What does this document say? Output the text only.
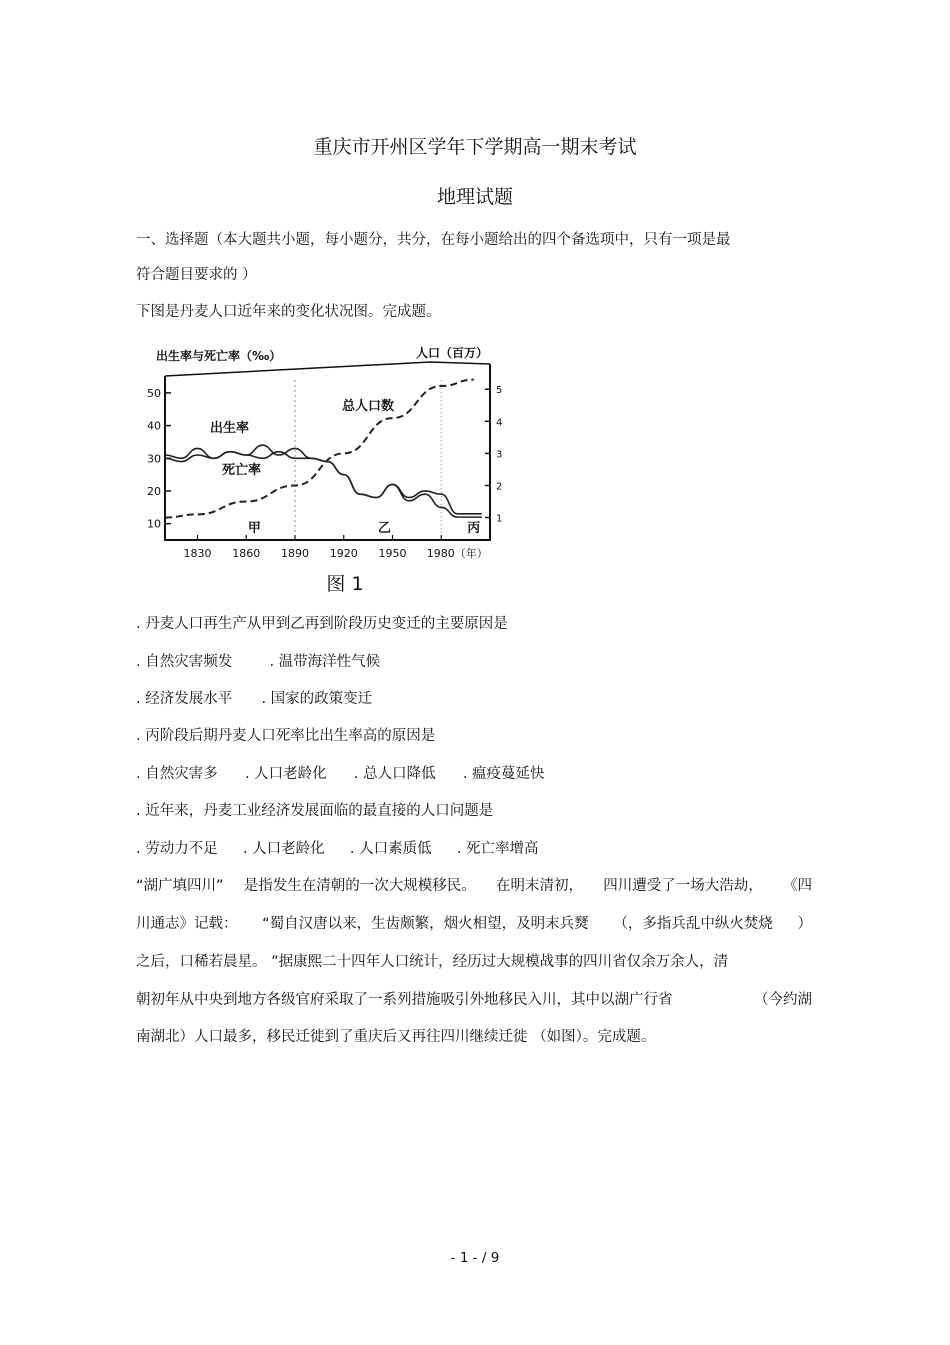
重庆市开州区学年下学期高一期末考试
地理试题
一、选择题（本大题共小题，每小题分，共分，在每小题给出的四个备选项中，只有一项是最
符合题目要求的 ）
下图是丹麦人口近年来的变化状况图。完成题。
10
20
30
40
50
1
2
3
4
5
1830 1860 1890 1920 1950 1980（年）
出生率
死亡率
总人口数
出生率与死亡率（‰）	人口（百万）
甲	乙	丙
图 1
. 丹麦人口再生产从甲到乙再到阶段历史变迁的主要原因是
. 自然灾害频发	. 温带海洋性气候
. 经济发展水平 . 国家的政策变迁
. 丙阶段后期丹麦人口死率比出生率高的原因是
. 自然灾害多 . 人口老龄化 . 总人口降低 . 瘟疫蔓延快
. 近年来，丹麦工业经济发展面临的最直接的人口问题是
. 劳动力不足 . 人口老龄化 . 人口素质低 . 死亡率增高
“湖广填四川” 是指发生在清朝的一次大规模移民。 在明末清初， 四川遭受了一场大浩劫， 《四
川通志》记载： “蜀自汉唐以来，生齿颇繁，烟火相望，及明末兵燹 （，多指兵乱中纵火焚烧 ）
之后，口稀若晨星。 ”据康熙二十四年人口统计，经历过大规模战事的四川省仅余万余人，清
朝初年从中央到地方各级官府采取了一系列措施吸引外地移民入川，其中以湖广行省	（今约湖
南湖北）人口最多，移民迁徙到了重庆后又再往四川继续迁徙 （如图）。完成题。
- 1 - / 9
